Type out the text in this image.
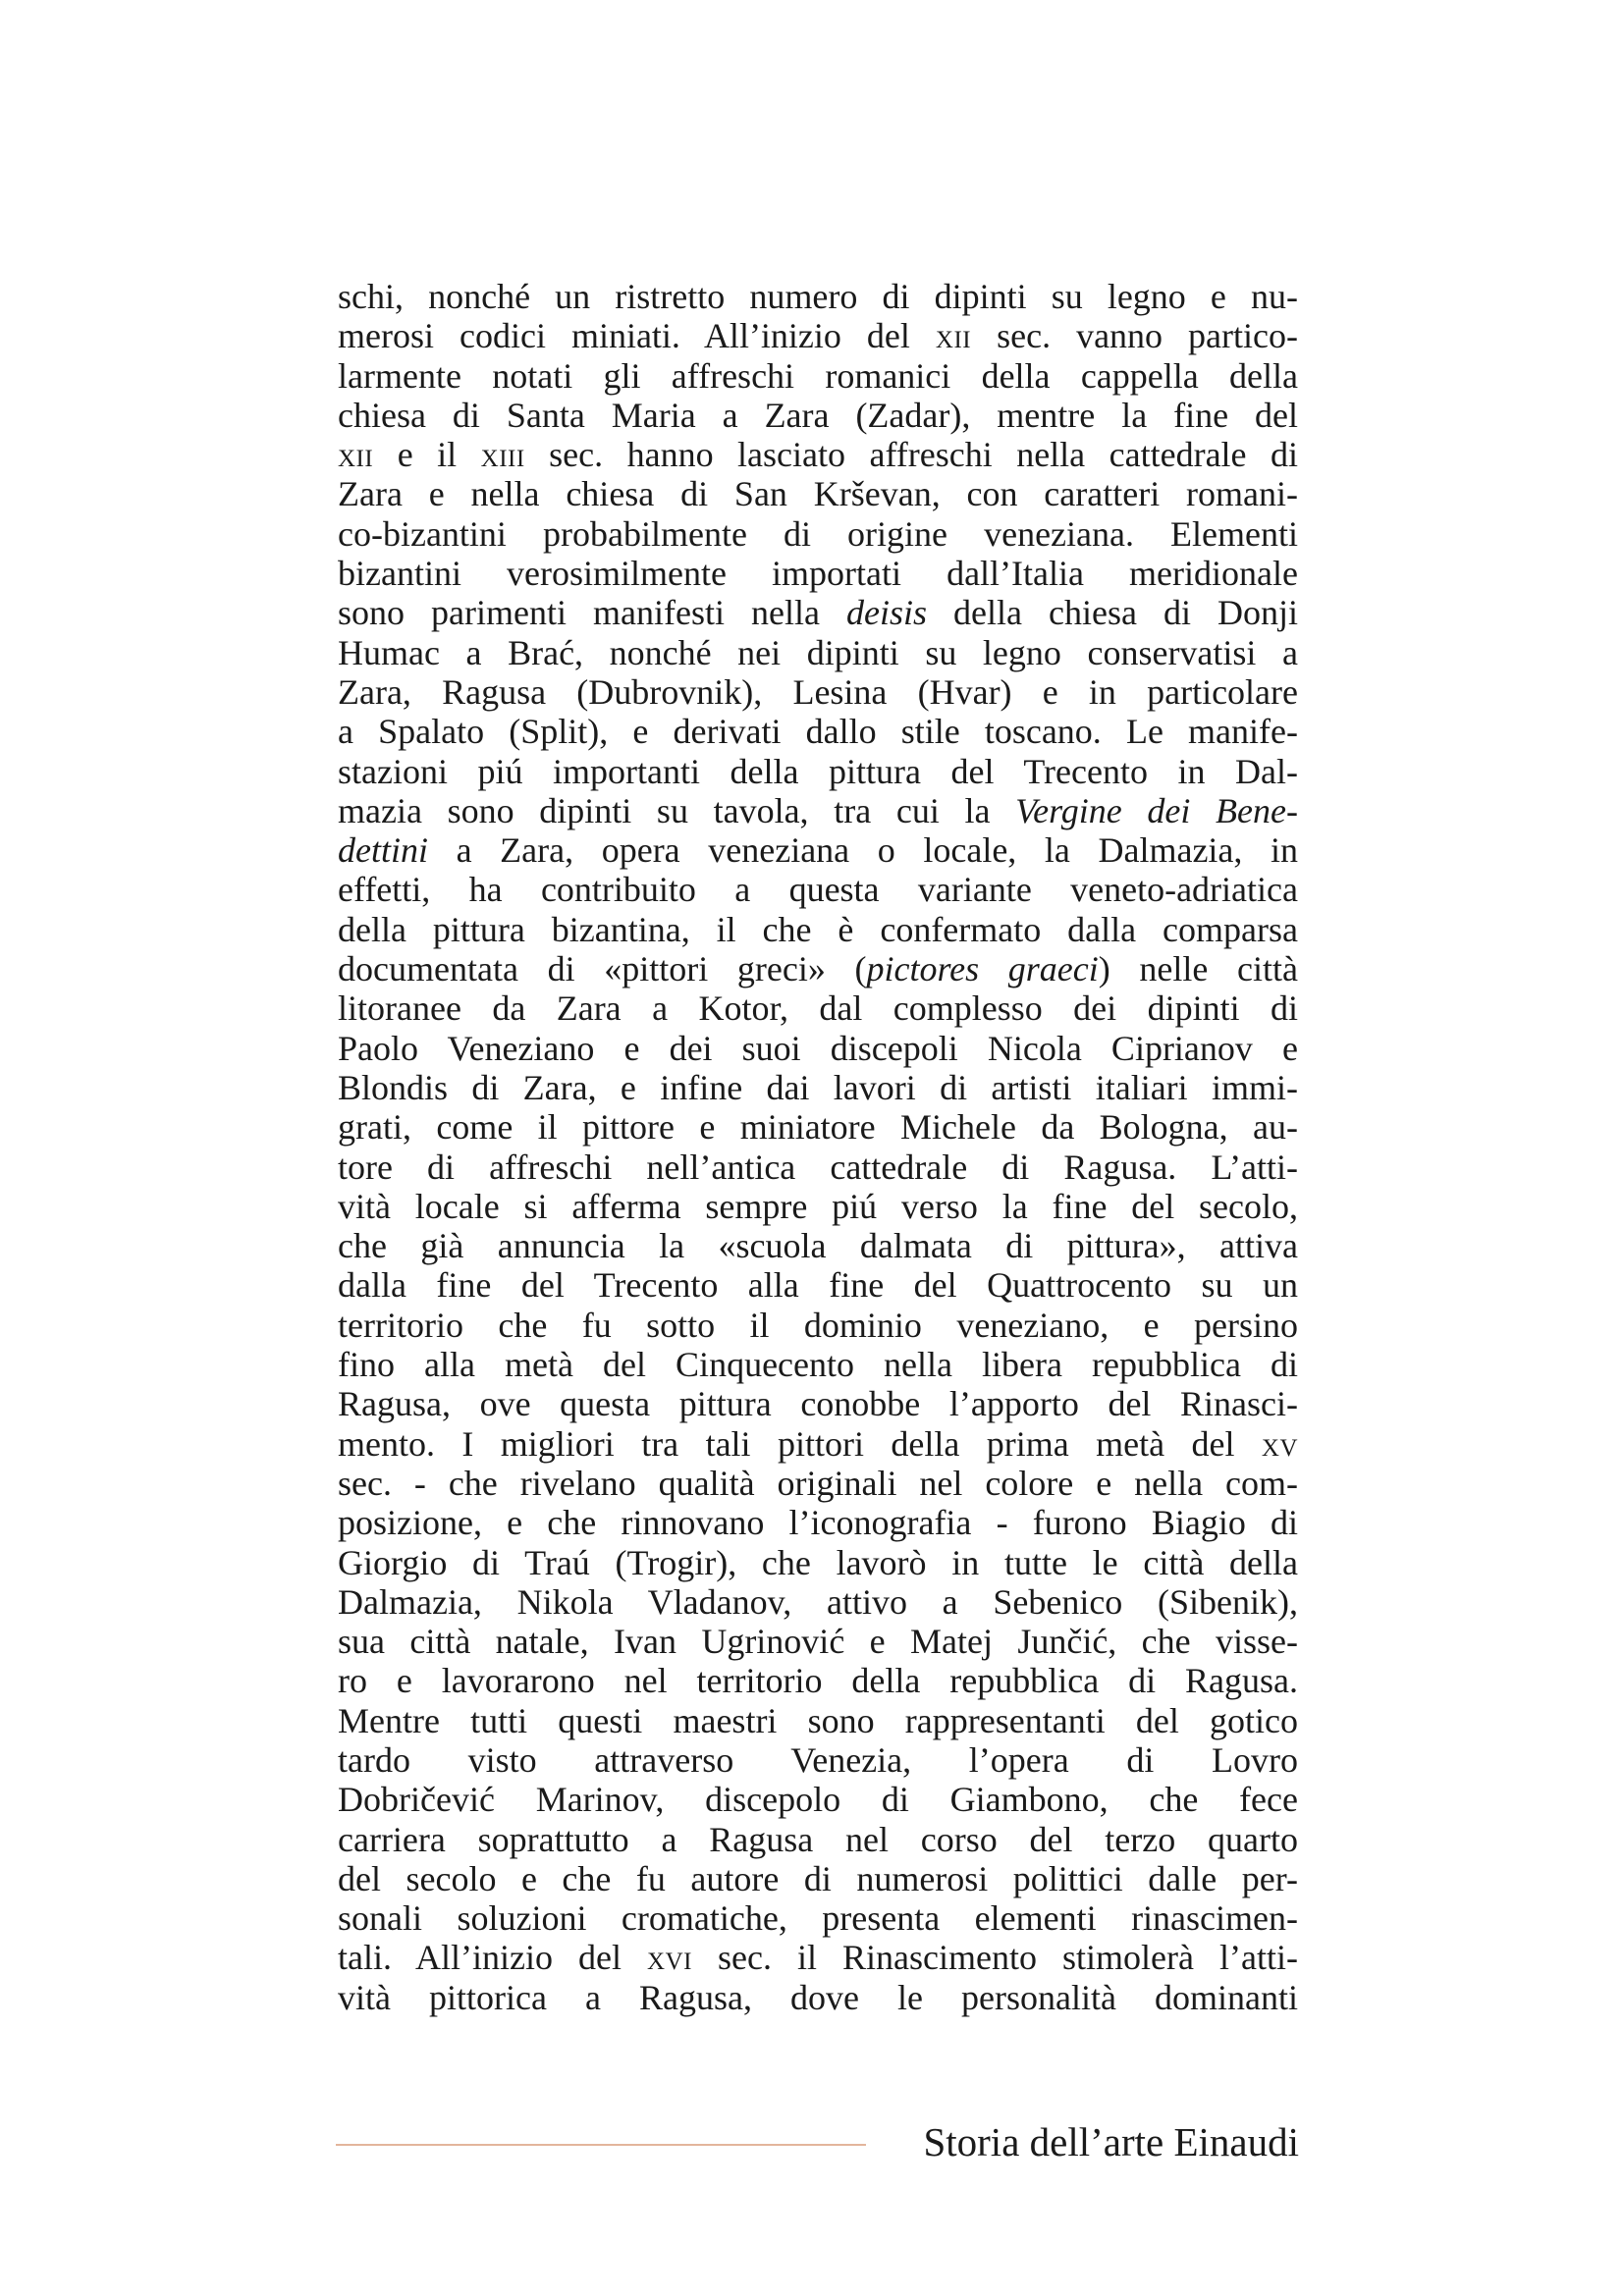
schi, nonché un ristretto numero di dipinti su legno e nu-
merosi codici miniati. All’inizio del xii sec. vanno partico-
larmente notati gli affreschi romanici della cappella della
chiesa di Santa Maria a Zara (Zadar), mentre la fine del
xii e il xiii sec. hanno lasciato affreschi nella cattedrale di
Zara e nella chiesa di San Krševan, con caratteri romani-
co-bizantini probabilmente di origine veneziana. Elementi
bizantini verosimilmente importati dall’Italia meridionale
sono parimenti manifesti nella deisis della chiesa di Donji
Humac a Brać, nonché nei dipinti su legno conservatisi a
Zara, Ragusa (Dubrovnik), Lesina (Hvar) e in particolare
a Spalato (Split), e derivati dallo stile toscano. Le manife-
stazioni piú importanti della pittura del Trecento in Dal-
mazia sono dipinti su tavola, tra cui la Vergine dei Bene-
dettini a Zara, opera veneziana o locale, la Dalmazia, in
effetti, ha contribuito a questa variante veneto-adriatica
della pittura bizantina, il che è confermato dalla comparsa
documentata di «pittori greci» (pictores graeci) nelle città
litoranee da Zara a Kotor, dal complesso dei dipinti di
Paolo Veneziano e dei suoi discepoli Nicola Ciprianov e
Blondis di Zara, e infine dai lavori di artisti italiari immi-
grati, come il pittore e miniatore Michele da Bologna, au-
tore di affreschi nell’antica cattedrale di Ragusa. L’atti-
vità locale si afferma sempre piú verso la fine del secolo,
che già annuncia la «scuola dalmata di pittura», attiva
dalla fine del Trecento alla fine del Quattrocento su un
territorio che fu sotto il dominio veneziano, e persino
fino alla metà del Cinquecento nella libera repubblica di
Ragusa, ove questa pittura conobbe l’apporto del Rinasci-
mento. I migliori tra tali pittori della prima metà del xv
sec. - che rivelano qualità originali nel colore e nella com-
posizione, e che rinnovano l’iconografia - furono Biagio di
Giorgio di Traú (Trogir), che lavorò in tutte le città della
Dalmazia, Nikola Vladanov, attivo a Sebenico (Sibenik),
sua città natale, Ivan Ugrinović e Matej Junčić, che visse-
ro e lavorarono nel territorio della repubblica di Ragusa.
Mentre tutti questi maestri sono rappresentanti del gotico
tardo visto attraverso Venezia, l’opera di Lovro
Dobričević Marinov, discepolo di Giambono, che fece
carriera soprattutto a Ragusa nel corso del terzo quarto
del secolo e che fu autore di numerosi polittici dalle per-
sonali soluzioni cromatiche, presenta elementi rinascimen-
tali. All’inizio del xvi sec. il Rinascimento stimolerà l’atti-
vità pittorica a Ragusa, dove le personalità dominanti
Storia dell’arte Einaudi
